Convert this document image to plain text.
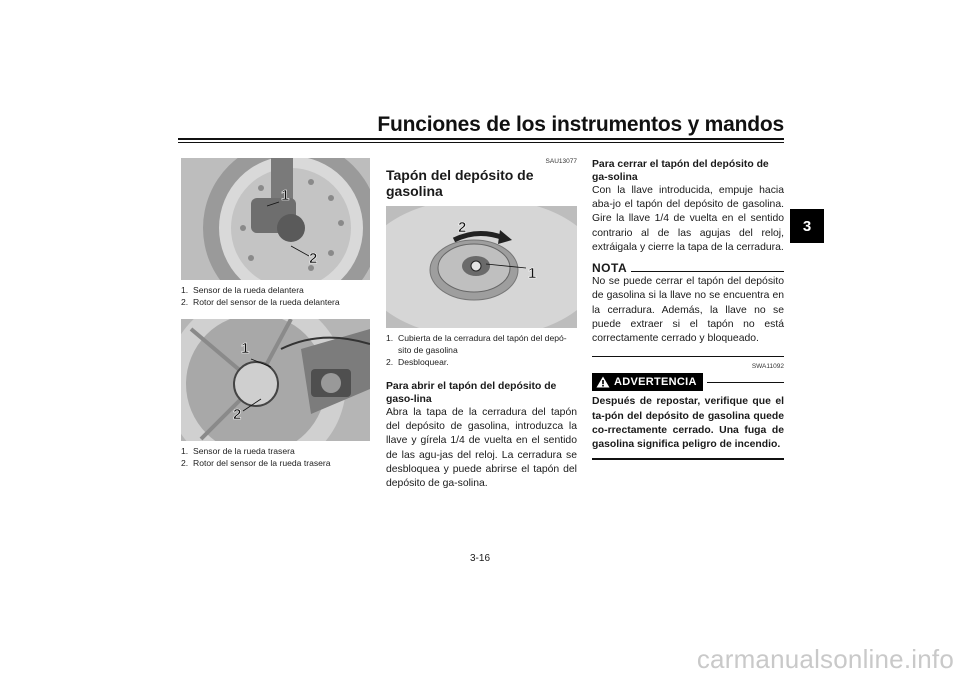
Funciones de los instrumentos y mandos
3
1
2
1. Sensor de la rueda delantera
2. Rotor del sensor de la rueda delantera
1
2
1. Sensor de la rueda trasera
2. Rotor del sensor de la rueda trasera
SAU13077
Tapón del depósito de gasolina
2
1
1. Cubierta de la cerradura del tapón del depó-sito de gasolina
2. Desbloquear.
Para abrir el tapón del depósito de gaso-lina
Abra la tapa de la cerradura del tapón del depósito de gasolina, introduzca la llave y gírela 1/4 de vuelta en el sentido de las agu-jas del reloj. La cerradura se desbloquea y puede abrirse el tapón del depósito de ga-solina.
Para cerrar el tapón del depósito de ga-solina
Con la llave introducida, empuje hacia aba-jo el tapón del depósito de gasolina. Gire la llave 1/4 de vuelta en el sentido contrario al de las agujas del reloj, extráigala y cierre la tapa de la cerradura.
NOTA
No se puede cerrar el tapón del depósito de gasolina si la llave no se encuentra en la cerradura. Además, la llave no se puede extraer si el tapón no está correctamente cerrado y bloqueado.
SWA11092
ADVERTENCIA
Después de repostar, verifique que el ta-pón del depósito de gasolina quede co-rrectamente cerrado. Una fuga de gasolina significa peligro de incendio.
3-16
carmanualsonline.info
